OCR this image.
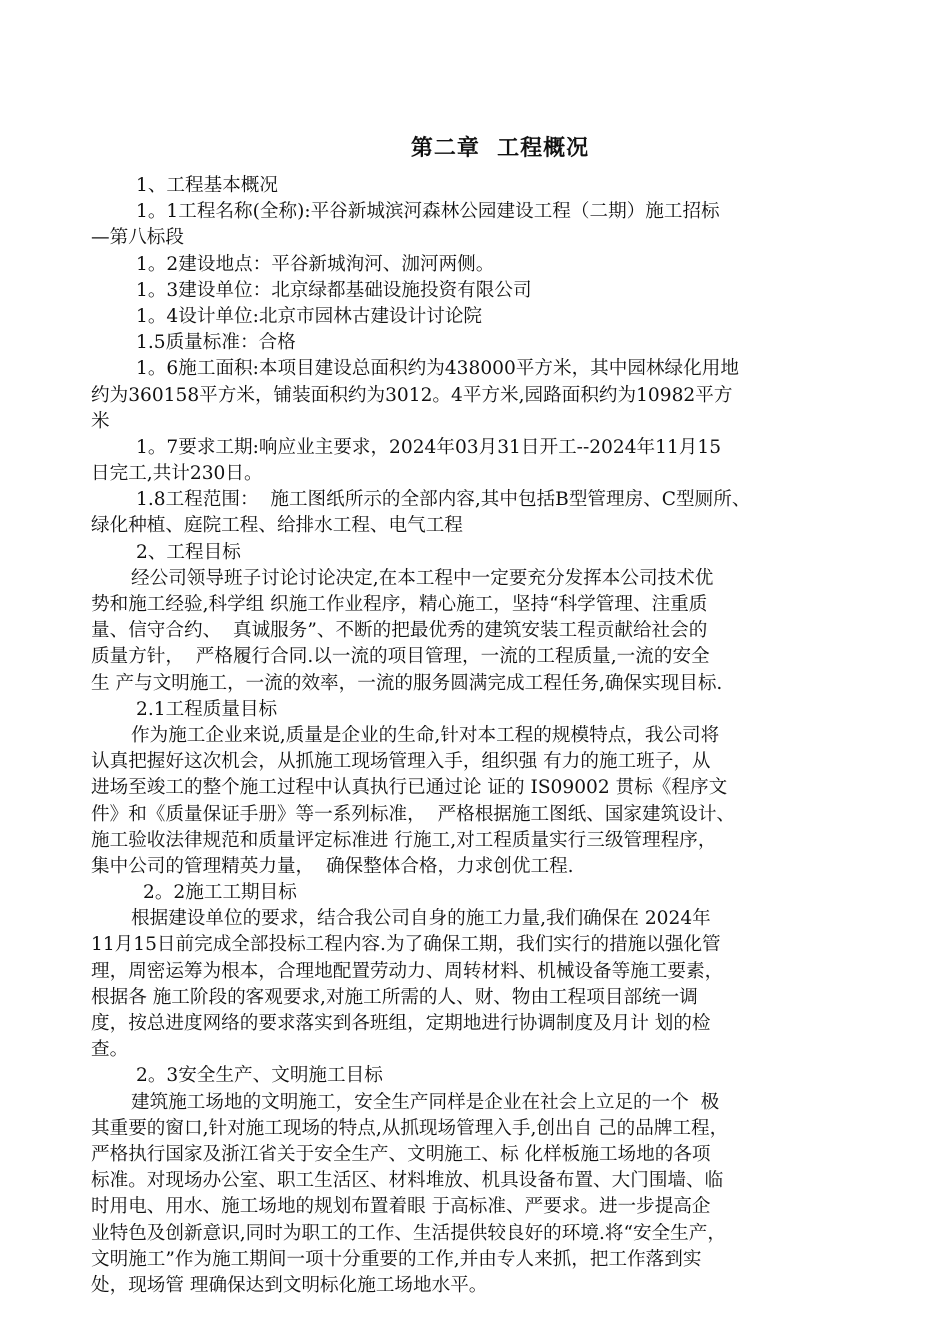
第二章  工程概况
1、工程基本概况
1。1工程名称(全称):平谷新城滨河森林公园建设工程（二期）施工招标
—第八标段
1。2建设地点：平谷新城洵河、泇河两侧。
1。3建设单位：北京绿都基础设施投资有限公司
1。4设计单位:北京市园林古建设计讨论院
1.5质量标准：合格
1。6施工面积:本项目建设总面积约为438000平方米，其中园林绿化用地
约为360158平方米，铺装面积约为3012。4平方米,园路面积约为10982平方
米
1。7要求工期:响应业主要求，2024年03月31日开工--2024年11月15
日完工,共计230日。
1.8工程范围：  施工图纸所示的全部内容,其中包括B型管理房、C型厕所、
绿化种植、庭院工程、给排水工程、电气工程
2、工程目标
经公司领导班子讨论讨论决定,在本工程中一定要充分发挥本公司技术优
势和施工经验,科学组 织施工作业程序，精心施工，坚持“科学管理、注重质
量、信守合约、  真诚服务”、不断的把最优秀的建筑安装工程贡献给社会的
质量方针，  严格履行合同.以一流的项目管理，一流的工程质量,一流的安全
生 产与文明施工，一流的效率，一流的服务圆满完成工程任务,确保实现目标.
2.1工程质量目标
作为施工企业来说,质量是企业的生命,针对本工程的规模特点，我公司将
认真把握好这次机会，从抓施工现场管理入手，组织强 有力的施工班子，从
进场至竣工的整个施工过程中认真执行已通过论 证的 IS09002 贯标《程序文
件》和《质量保证手册》等一系列标准，  严格根据施工图纸、国家建筑设计、
施工验收法律规范和质量评定标准进 行施工,对工程质量实行三级管理程序，
集中公司的管理精英力量，  确保整体合格，力求创优工程.
2。2施工工期目标
根据建设单位的要求，结合我公司自身的施工力量,我们确保在 2024年
11月15日前完成全部投标工程内容.为了确保工期，我们实行的措施以强化管
理，周密运筹为根本，合理地配置劳动力、周转材料、机械设备等施工要素，
根据各 施工阶段的客观要求,对施工所需的人、财、物由工程项目部统一调
度，按总进度网络的要求落实到各班组，定期地进行协调制度及月计 划的检
查。
2。3安全生产、文明施工目标
建筑施工场地的文明施工，安全生产同样是企业在社会上立足的一个  极
其重要的窗口,针对施工现场的特点,从抓现场管理入手,创出自 己的品牌工程，
严格执行国家及浙江省关于安全生产、文明施工、标 化样板施工场地的各项
标准。对现场办公室、职工生活区、材料堆放、机具设备布置、大门围墙、临
时用电、用水、施工场地的规划布置着眼 于高标准、严要求。进一步提高企
业特色及创新意识,同时为职工的工作、生活提供较良好的环境.将“安全生产，
文明施工”作为施工期间一项十分重要的工作,并由专人来抓，把工作落到实
处，现场管 理确保达到文明标化施工场地水平。
